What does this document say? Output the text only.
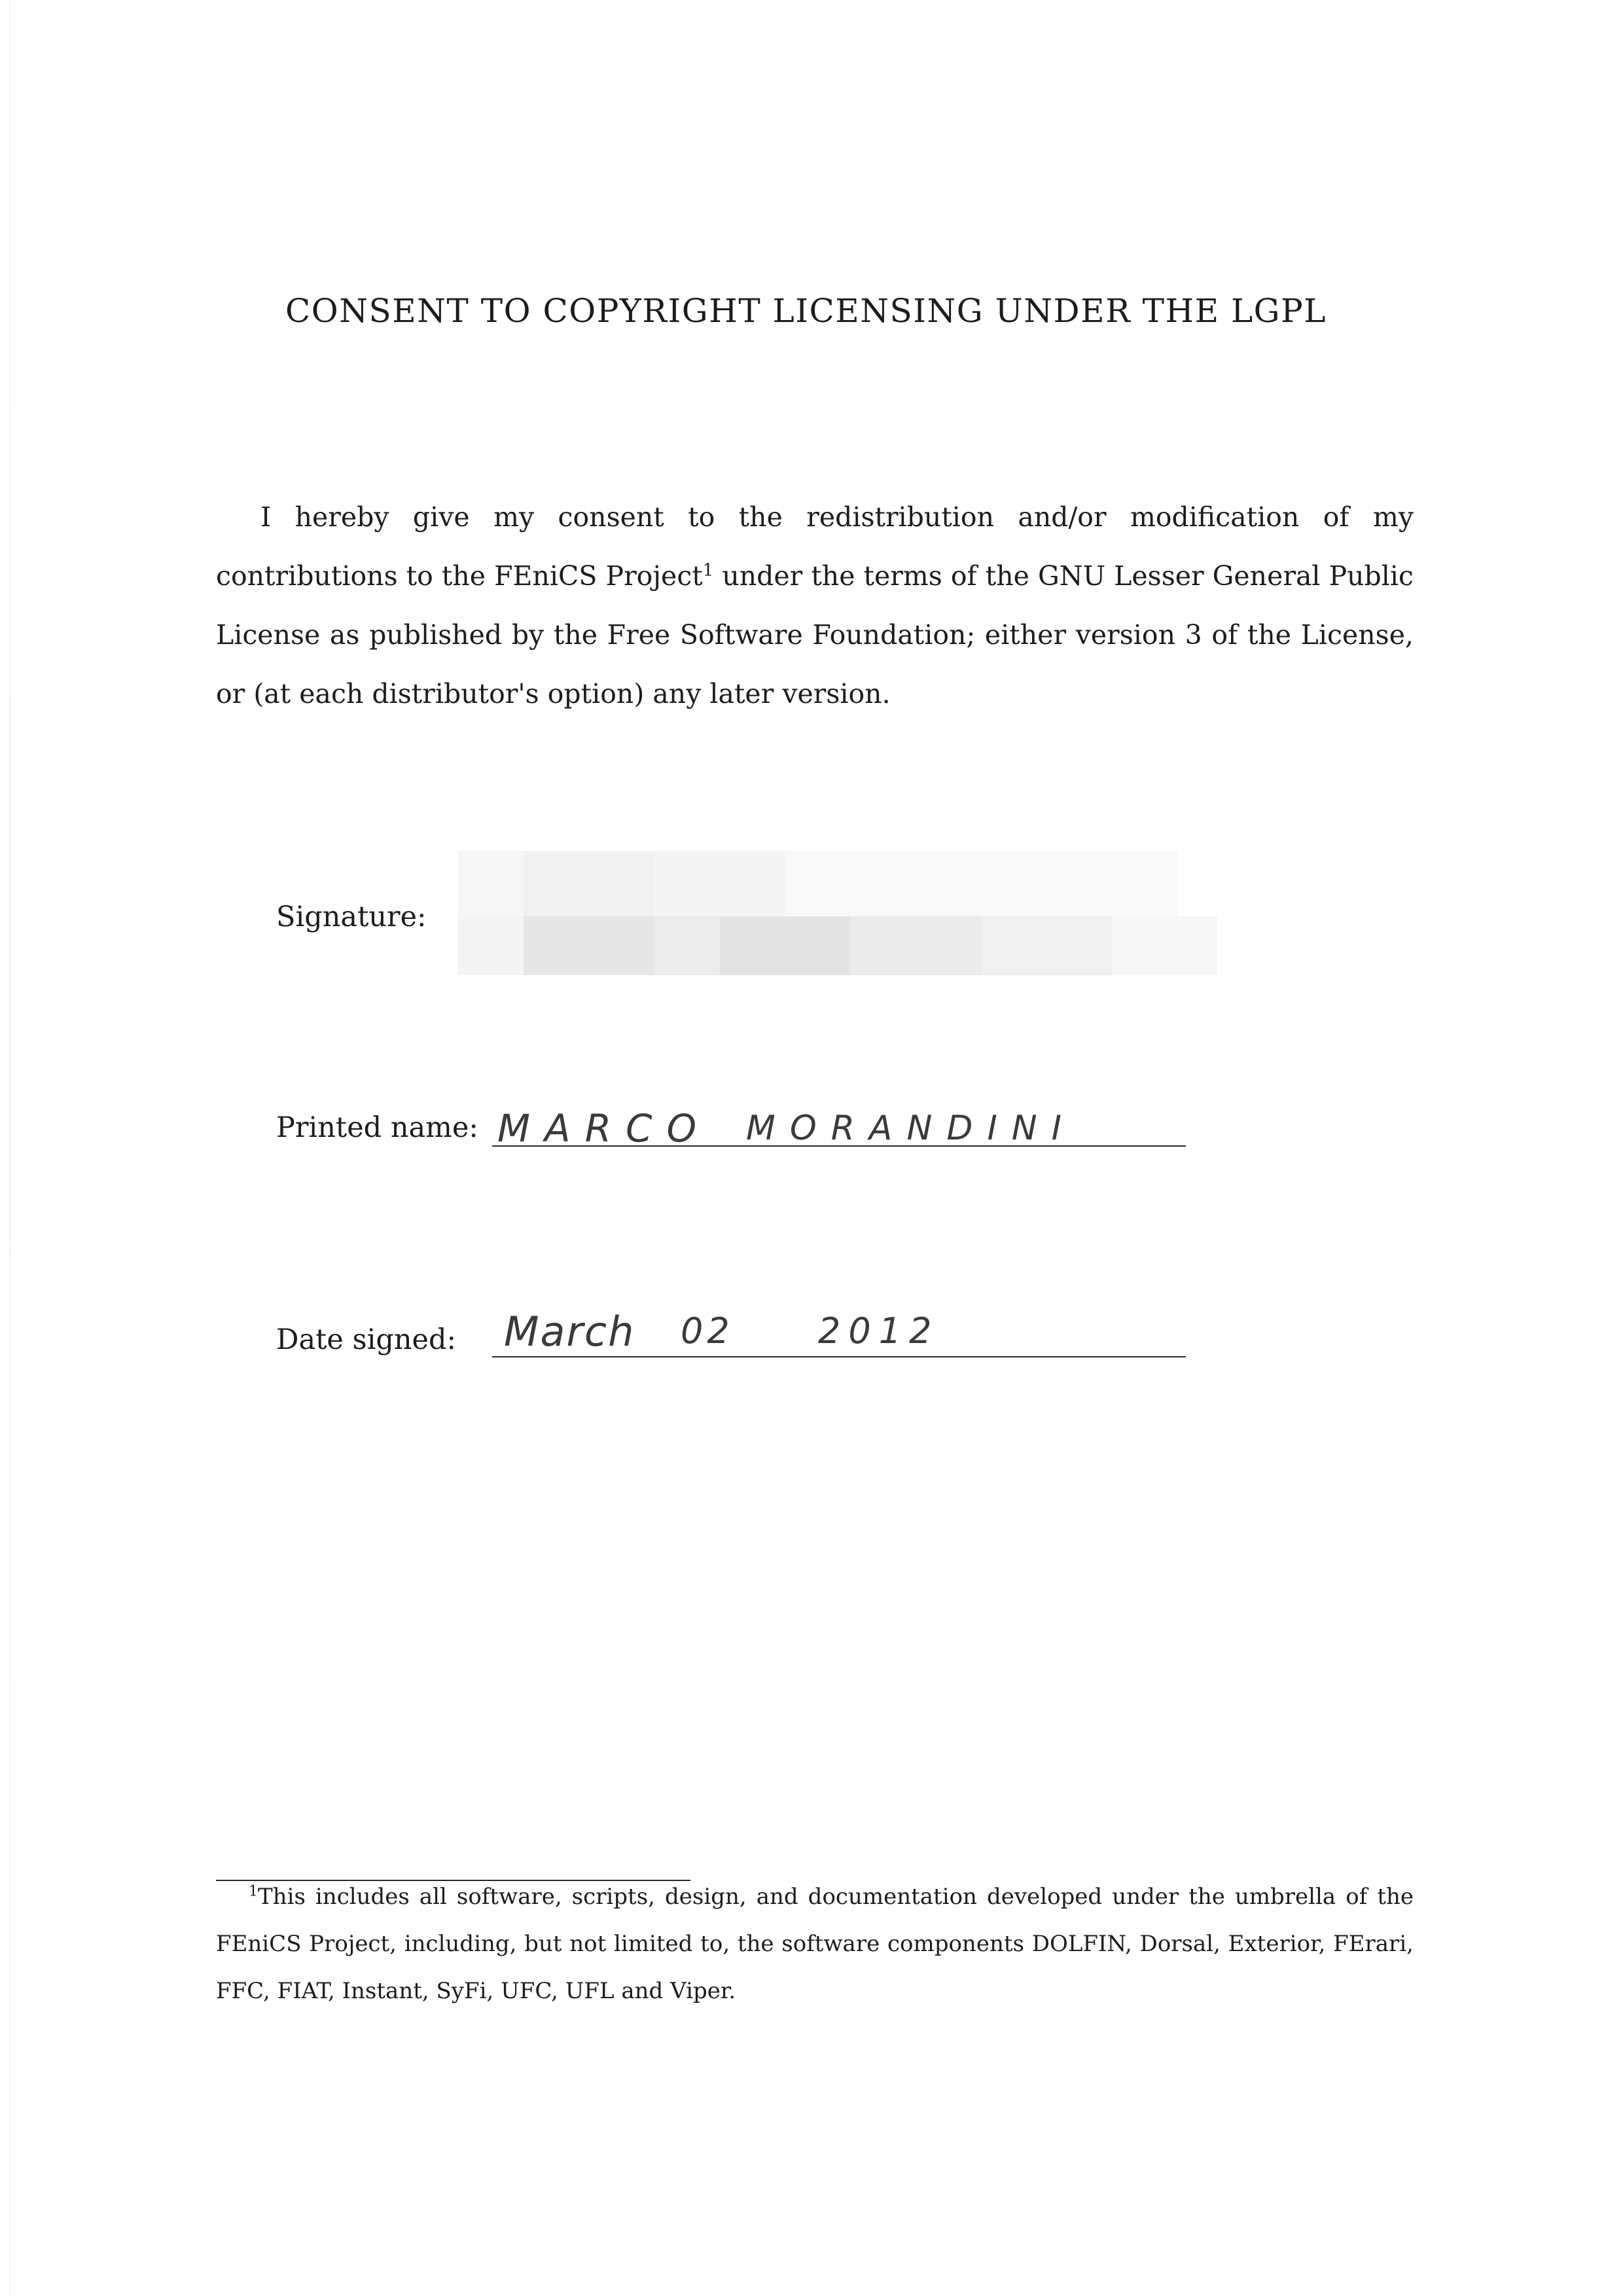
CONSENT TO COPYRIGHT LICENSING UNDER THE LGPL
I hereby give my consent to the redistribution and/or modification of my contributions to the FEniCS Project$^1$ under the terms of the GNU Lesser General Public License as published by the Free Software Foundation; either version 3 of the License, or (at each distributor's option) any later version.
Signature:
Printed name: MARCO MORANDINI
Date signed: March 02 2012
$^1$This includes all software, scripts, design, and documentation developed under the umbrella of the FEniCS Project, including, but not limited to, the software components DOLFIN, Dorsal, Exterior, FErari, FFC, FIAT, Instant, SyFi, UFC, UFL and Viper.
